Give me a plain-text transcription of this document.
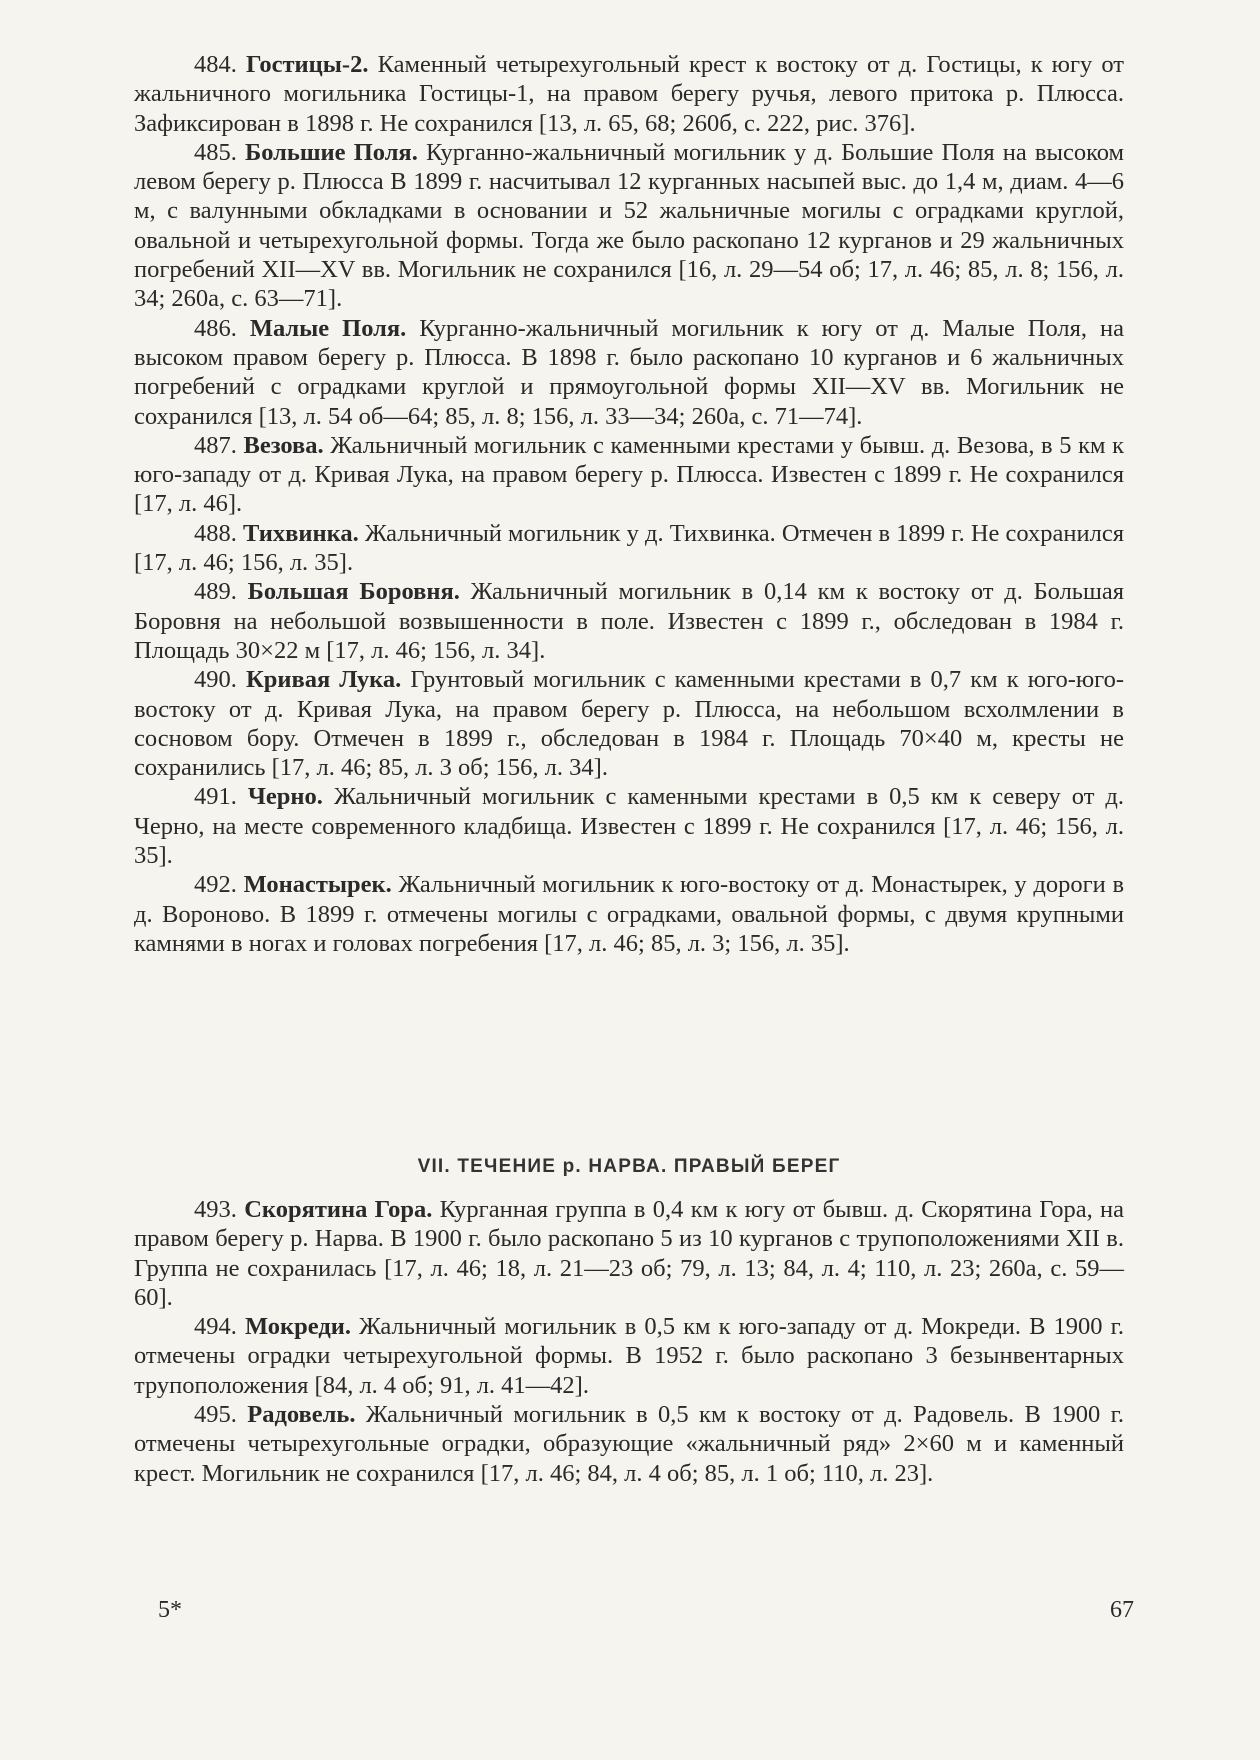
484. Гостицы-2. Каменный четырехугольный крест к востоку от д. Гостицы, к югу от жальничного могильника Гостицы-1, на правом берегу ручья, левого притока р. Плюсса. Зафиксирован в 1898 г. Не сохранился [13, л. 65, 68; 260б, с. 222, рис. 376].

485. Большие Поля. Курганно-жальничный могильник у д. Большие Поля на высоком левом берегу р. Плюсса В 1899 г. насчитывал 12 курганных насыпей выс. до 1,4 м, диам. 4—6 м, с валунными обкладками в основании и 52 жальничные могилы с оградками круглой, овальной и четырехугольной формы. Тогда же было раскопано 12 курганов и 29 жальничных погребений XII—XV вв. Могильник не сохранился [16, л. 29—54 об; 17, л. 46; 85, л. 8; 156, л. 34; 260а, с. 63—71].

486. Малые Поля. Курганно-жальничный могильник к югу от д. Малые Поля, на высоком правом берегу р. Плюсса. В 1898 г. было раскопано 10 курганов и 6 жальничных погребений с оградками круглой и прямоугольной формы XII—XV вв. Могильник не сохранился [13, л. 54 об—64; 85, л. 8; 156, л. 33—34; 260а, с. 71—74].

487. Везова. Жальничный могильник с каменными крестами у бывш. д. Везова, в 5 км к юго-западу от д. Кривая Лука, на правом берегу р. Плюсса. Известен с 1899 г. Не сохранился [17, л. 46].

488. Тихвинка. Жальничный могильник у д. Тихвинка. Отмечен в 1899 г. Не сохранился [17, л. 46; 156, л. 35].

489. Большая Боровня. Жальничный могильник в 0,14 км к востоку от д. Большая Боровня на небольшой возвышенности в поле. Известен с 1899 г., обследован в 1984 г. Площадь 30×22 м [17, л. 46; 156, л. 34].

490. Кривая Лука. Грунтовый могильник с каменными крестами в 0,7 км к юго-юго-востоку от д. Кривая Лука, на правом берегу р. Плюсса, на небольшом всхолмлении в сосновом бору. Отмечен в 1899 г., обследован в 1984 г. Площадь 70×40 м, кресты не сохранились [17, л. 46; 85, л. 3 об; 156, л. 34].

491. Черно. Жальничный могильник с каменными крестами в 0,5 км к северу от д. Черно, на месте современного кладбища. Известен с 1899 г. Не сохранился [17, л. 46; 156, л. 35].

492. Монастырек. Жальничный могильник к юго-востоку от д. Монастырек, у дороги в д. Вороново. В 1899 г. отмечены могилы с оградками, овальной формы, с двумя крупными камнями в ногах и головах погребения [17, л. 46; 85, л. 3; 156, л. 35].

VII. ТЕЧЕНИЕ р. НАРВА. ПРАВЫЙ БЕРЕГ

493. Скорятина Гора. Курганная группа в 0,4 км к югу от бывш. д. Скорятина Гора, на правом берегу р. Нарва. В 1900 г. было раскопано 5 из 10 курганов с трупоположениями XII в. Группа не сохранилась [17, л. 46; 18, л. 21—23 об; 79, л. 13; 84, л. 4; 110, л. 23; 260а, с. 59—60].

494. Мокреди. Жальничный могильник в 0,5 км к юго-западу от д. Мокреди. В 1900 г. отмечены оградки четырехугольной формы. В 1952 г. было раскопано 3 безынвентарных трупоположения [84, л. 4 об; 91, л. 41—42].

495. Радовель. Жальничный могильник в 0,5 км к востоку от д. Радовель. В 1900 г. отмечены четырехугольные оградки, образующие «жальничный ряд» 2×60 м и каменный крест. Могильник не сохранился [17, л. 46; 84, л. 4 об; 85, л. 1 об; 110, л. 23].

5*	67
